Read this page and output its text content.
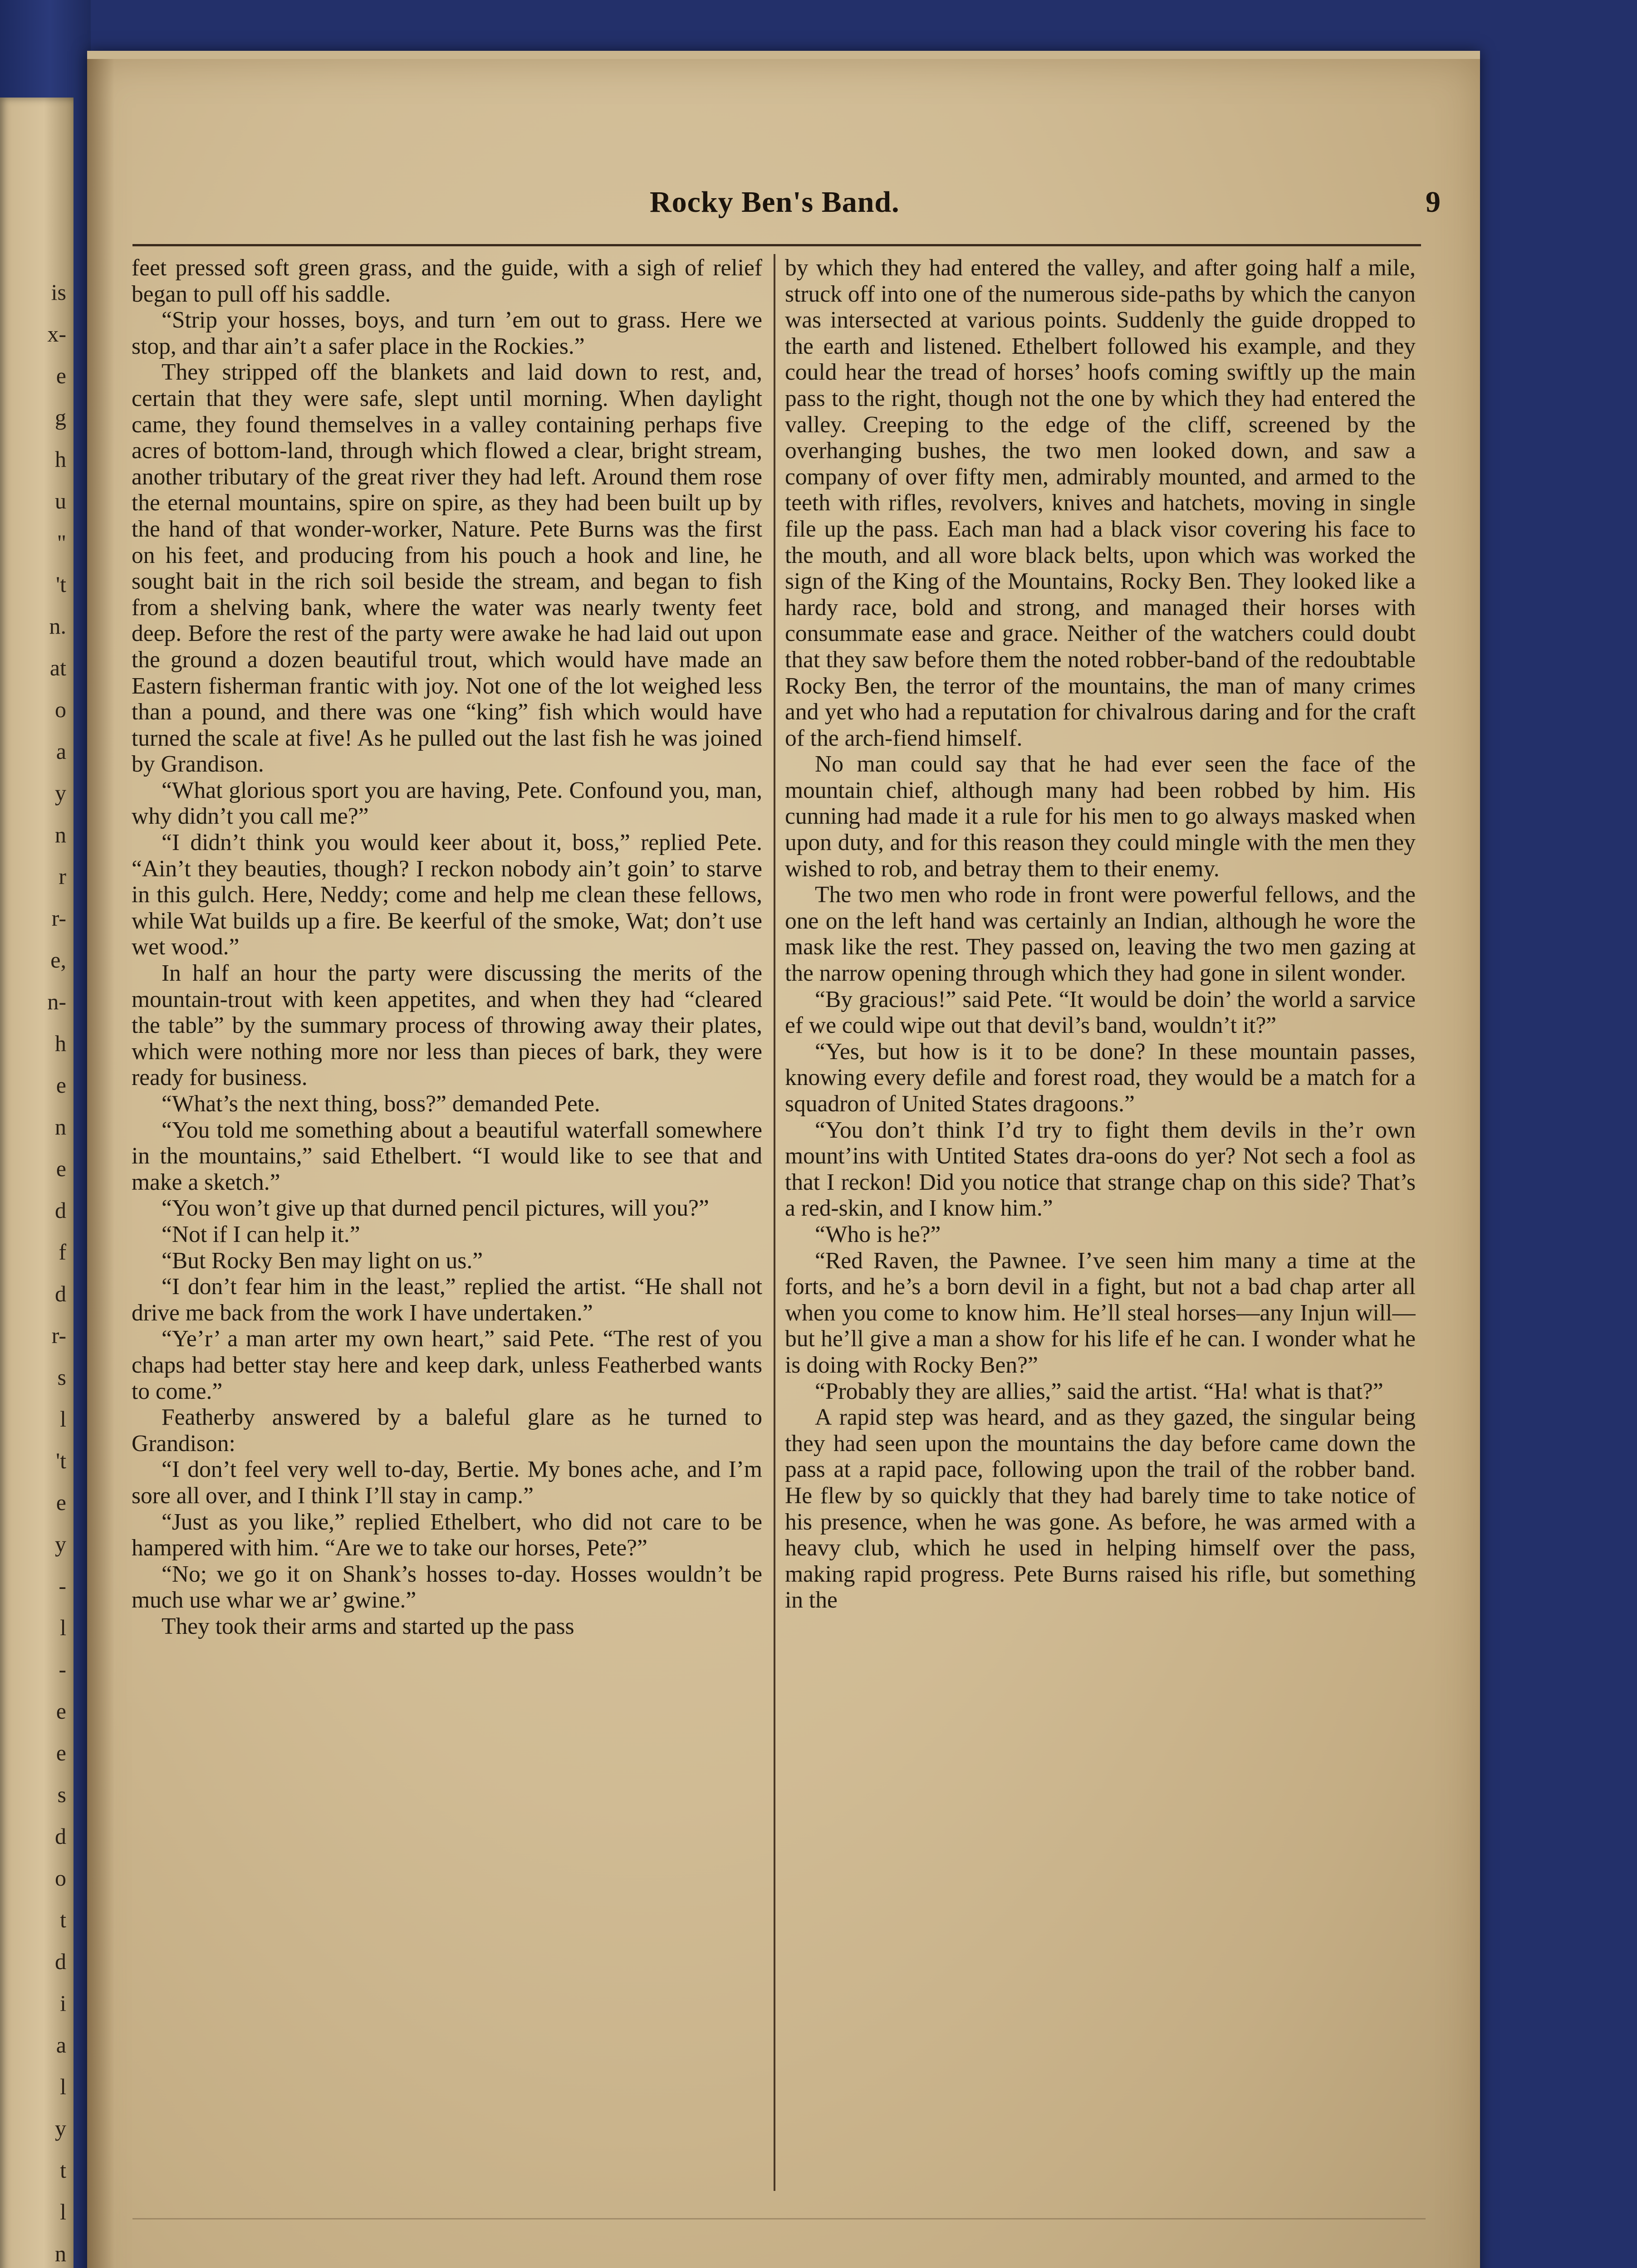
is
x-
e
g
h
u
"
't
n.
at
o
a
y
n
r
r-
e,
n-
h
e
n
e
d
f
d
r-
s
l
't
e
y
-
l
-
e
e
s
d
o
t
d
i
a
l
y
t
l
n
Rocky Ben's Band.	9

feet pressed soft green grass, and the guide, with a sigh of relief began to pull off his saddle.

“Strip your hosses, boys, and turn ’em out to grass. Here we stop, and thar ain’t a safer place in the Rockies.”

They stripped off the blankets and laid down to rest, and, certain that they were safe, slept until morning. When daylight came, they found themselves in a valley containing perhaps five acres of bottom-land, through which flowed a clear, bright stream, another tributary of the great river they had left. Around them rose the eternal mountains, spire on spire, as they had been built up by the hand of that wonder-worker, Nature. Pete Burns was the first on his feet, and producing from his pouch a hook and line, he sought bait in the rich soil beside the stream, and began to fish from a shelving bank, where the water was nearly twenty feet deep. Before the rest of the party were awake he had laid out upon the ground a dozen beautiful trout, which would have made an Eastern fisherman frantic with joy. Not one of the lot weighed less than a pound, and there was one “king” fish which would have turned the scale at five! As he pulled out the last fish he was joined by Grandison.

“What glorious sport you are having, Pete. Confound you, man, why didn’t you call me?”

“I didn’t think you would keer about it, boss,” replied Pete. “Ain’t they beauties, though? I reckon nobody ain’t goin’ to starve in this gulch. Here, Neddy; come and help me clean these fellows, while Wat builds up a fire. Be keerful of the smoke, Wat; don’t use wet wood.”

In half an hour the party were discussing the merits of the mountain-trout with keen appetites, and when they had “cleared the table” by the summary process of throwing away their plates, which were nothing more nor less than pieces of bark, they were ready for business.

“What’s the next thing, boss?” demanded Pete.

“You told me something about a beautiful waterfall somewhere in the mountains,” said Ethelbert. “I would like to see that and make a sketch.”

“You won’t give up that durned pencil pictures, will you?”

“Not if I can help it.”

“But Rocky Ben may light on us.”

“I don’t fear him in the least,” replied the artist. “He shall not drive me back from the work I have undertaken.”

“Ye’r’ a man arter my own heart,” said Pete. “The rest of you chaps had better stay here and keep dark, unless Featherbed wants to come.”

Featherby answered by a baleful glare as he turned to Grandison:

“I don’t feel very well to-day, Bertie. My bones ache, and I’m sore all over, and I think I’ll stay in camp.”

“Just as you like,” replied Ethelbert, who did not care to be hampered with him. “Are we to take our horses, Pete?”

“No; we go it on Shank’s hosses to-day. Hosses wouldn’t be much use whar we ar’ gwine.”

They took their arms and started up the pass

by which they had entered the valley, and after going half a mile, struck off into one of the numerous side-paths by which the canyon was intersected at various points. Suddenly the guide dropped to the earth and listened. Ethelbert followed his example, and they could hear the tread of horses’ hoofs coming swiftly up the main pass to the right, though not the one by which they had entered the valley. Creeping to the edge of the cliff, screened by the overhanging bushes, the two men looked down, and saw a company of over fifty men, admirably mounted, and armed to the teeth with rifles, revolvers, knives and hatchets, moving in single file up the pass. Each man had a black visor covering his face to the mouth, and all wore black belts, upon which was worked the sign of the King of the Mountains, Rocky Ben. They looked like a hardy race, bold and strong, and managed their horses with consummate ease and grace. Neither of the watchers could doubt that they saw before them the noted robber-band of the redoubtable Rocky Ben, the terror of the mountains, the man of many crimes and yet who had a reputation for chivalrous daring and for the craft of the arch-fiend himself.

No man could say that he had ever seen the face of the mountain chief, although many had been robbed by him. His cunning had made it a rule for his men to go always masked when upon duty, and for this reason they could mingle with the men they wished to rob, and betray them to their enemy.

The two men who rode in front were powerful fellows, and the one on the left hand was certainly an Indian, although he wore the mask like the rest. They passed on, leaving the two men gazing at the narrow opening through which they had gone in silent wonder.

“By gracious!” said Pete. “It would be doin’ the world a sarvice ef we could wipe out that devil’s band, wouldn’t it?”

“Yes, but how is it to be done? In these mountain passes, knowing every defile and forest road, they would be a match for a squadron of United States dragoons.”

“You don’t think I’d try to fight them devils in the’r own mount’ins with Untited States dra-oons do yer? Not sech a fool as that I reckon! Did you notice that strange chap on this side? That’s a red-skin, and I know him.”

“Who is he?”

“Red Raven, the Pawnee. I’ve seen him many a time at the forts, and he’s a born devil in a fight, but not a bad chap arter all when you come to know him. He’ll steal horses—any Injun will—but he’ll give a man a show for his life ef he can. I wonder what he is doing with Rocky Ben?”

“Probably they are allies,” said the artist. “Ha! what is that?”

A rapid step was heard, and as they gazed, the singular being they had seen upon the mountains the day before came down the pass at a rapid pace, following upon the trail of the robber band. He flew by so quickly that they had barely time to take notice of his presence, when he was gone. As before, he was armed with a heavy club, which he used in helping himself over the pass, making rapid progress. Pete Burns raised his rifle, but something in the
